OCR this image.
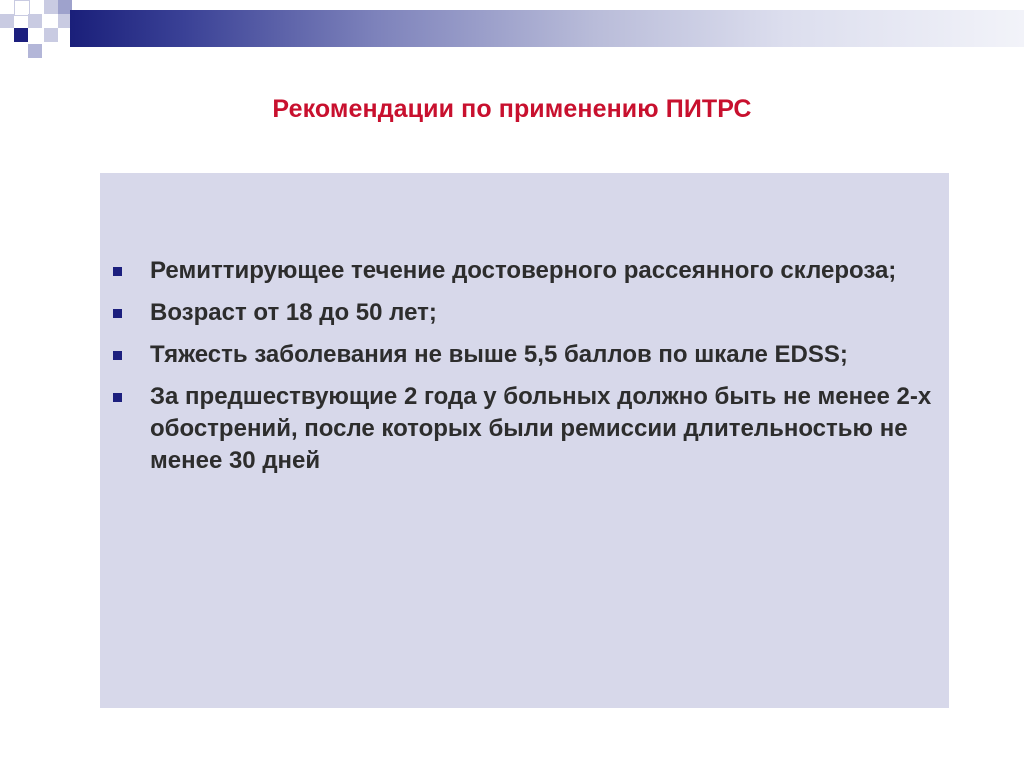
Рекомендации по применению ПИТРС
Ремиттирующее течение достоверного рассеянного склероза;
Возраст от 18 до 50 лет;
Тяжесть заболевания не выше 5,5 баллов по шкале EDSS;
За предшествующие 2 года у больных должно быть не менее 2-х обострений, после которых были ремиссии длительностью не менее 30 дней
